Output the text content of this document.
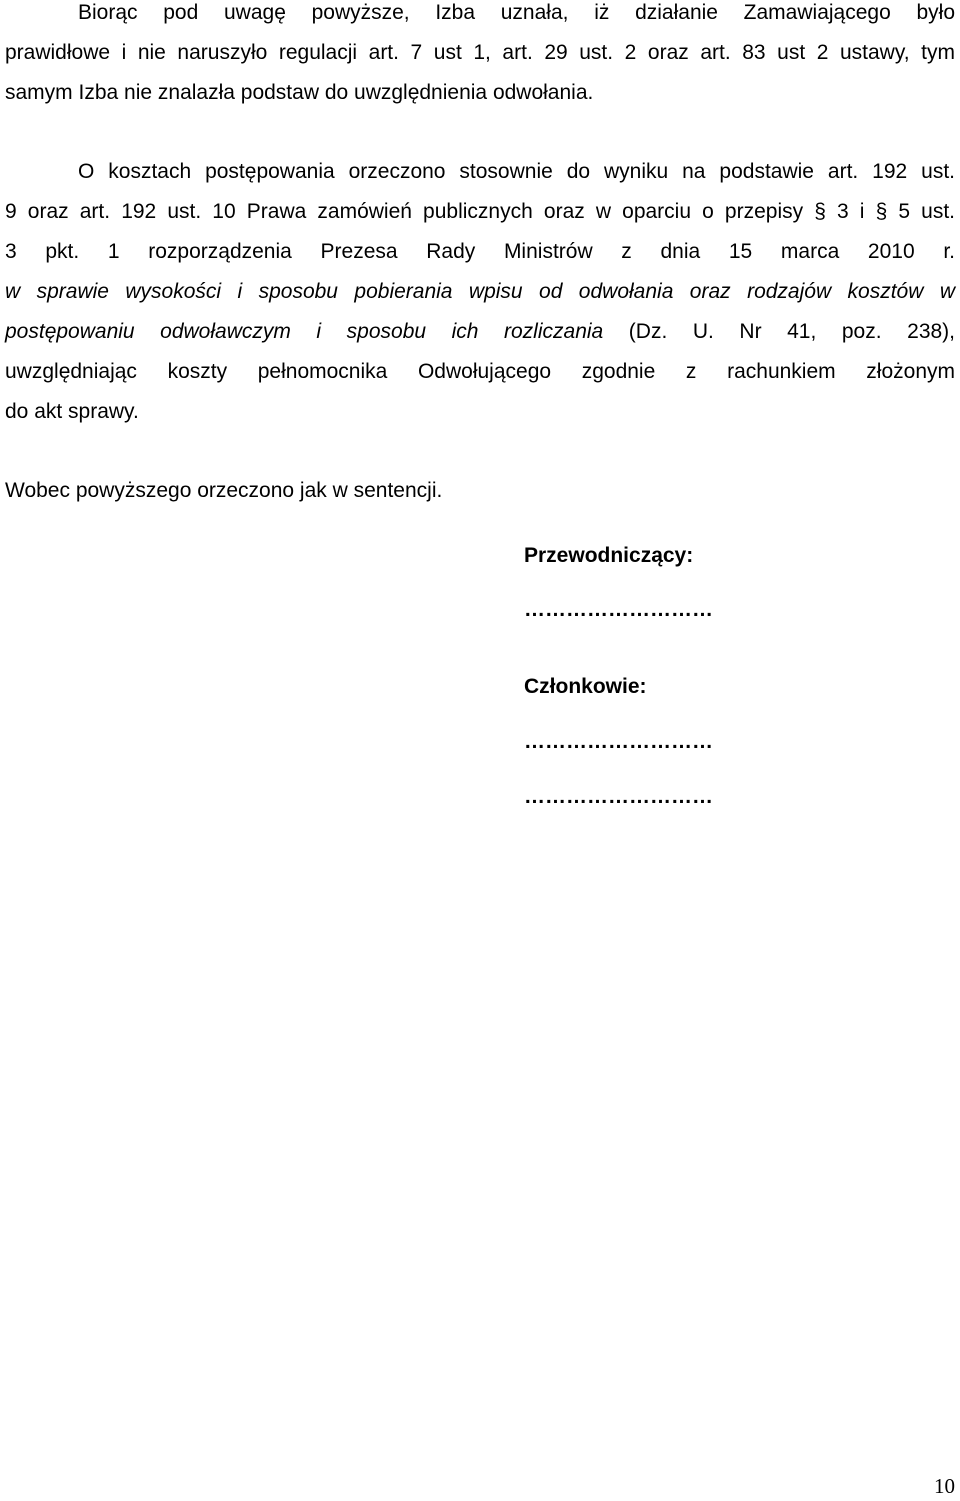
Biorąc pod uwagę powyższe, Izba uznała, iż działanie Zamawiającego było
prawidłowe i nie naruszyło regulacji art. 7 ust 1, art. 29 ust. 2 oraz art. 83 ust 2 ustawy, tym
samym Izba nie znalazła podstaw do uwzględnienia odwołania.
O kosztach postępowania orzeczono stosownie do wyniku na podstawie art. 192 ust.
9 oraz art. 192 ust. 10 Prawa zamówień publicznych oraz w oparciu o przepisy § 3 i § 5 ust.
3 pkt. 1 rozporządzenia Prezesa Rady Ministrów z dnia 15 marca 2010 r.
w sprawie wysokości i sposobu pobierania wpisu od odwołania oraz rodzajów kosztów w
postępowaniu odwoławczym i sposobu ich rozliczania (Dz. U. Nr 41, poz. 238),
uwzględniając koszty pełnomocnika Odwołującego zgodnie z rachunkiem złożonym
do akt sprawy.
Wobec powyższego orzeczono jak w sentencji.
Przewodniczący:
………………………
Członkowie:
………………………
………………………
10
